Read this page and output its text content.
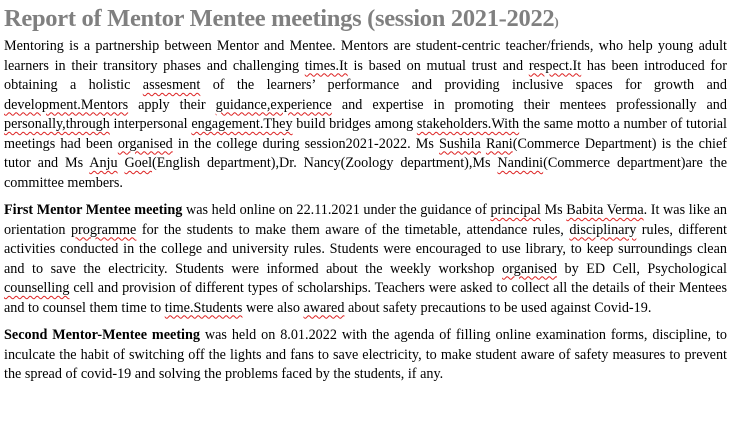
Report of Mentor Mentee meetings (session 2021-2022)

Mentoring is a partnership between Mentor and Mentee. Mentors are student-centric teacher/friends, who help young adult learners in their transitory phases and challenging times.It is based on mutual trust and respect.It has been introduced for obtaining a holistic assesment of the learners’ performance and providing inclusive spaces for growth and development.Mentors apply their guidance,experience and expertise in promoting their mentees professionally and personally,through interpersonal engagement.They build bridges among stakeholders.With the same motto a number of tutorial meetings had been organised in the college during session2021-2022. Ms Sushila Rani(Commerce Department) is the chief tutor and Ms Anju Goel(English department),Dr. Nancy(Zoology department),Ms Nandini(Commerce department)are the committee members.

First Mentor Mentee meeting was held online on 22.11.2021 under the guidance of principal Ms Babita Verma. It was like an orientation programme for the students to make them aware of the timetable, attendance rules, disciplinary rules, different activities conducted in the college and university rules. Students were encouraged to use library, to keep surroundings clean and to save the electricity. Students were informed about the weekly workshop organised by ED Cell, Psychological counselling cell and provision of different types of scholarships. Teachers were asked to collect all the details of their Mentees and to counsel them time to time.Students were also awared about safety precautions to be used against Covid-19.

Second Mentor-Mentee meeting was held on 8.01.2022 with the agenda of filling online examination forms, discipline, to inculcate the habit of switching off the lights and fans to save electricity, to make student aware of safety measures to prevent the spread of covid-19 and solving the problems faced by the students, if any.
